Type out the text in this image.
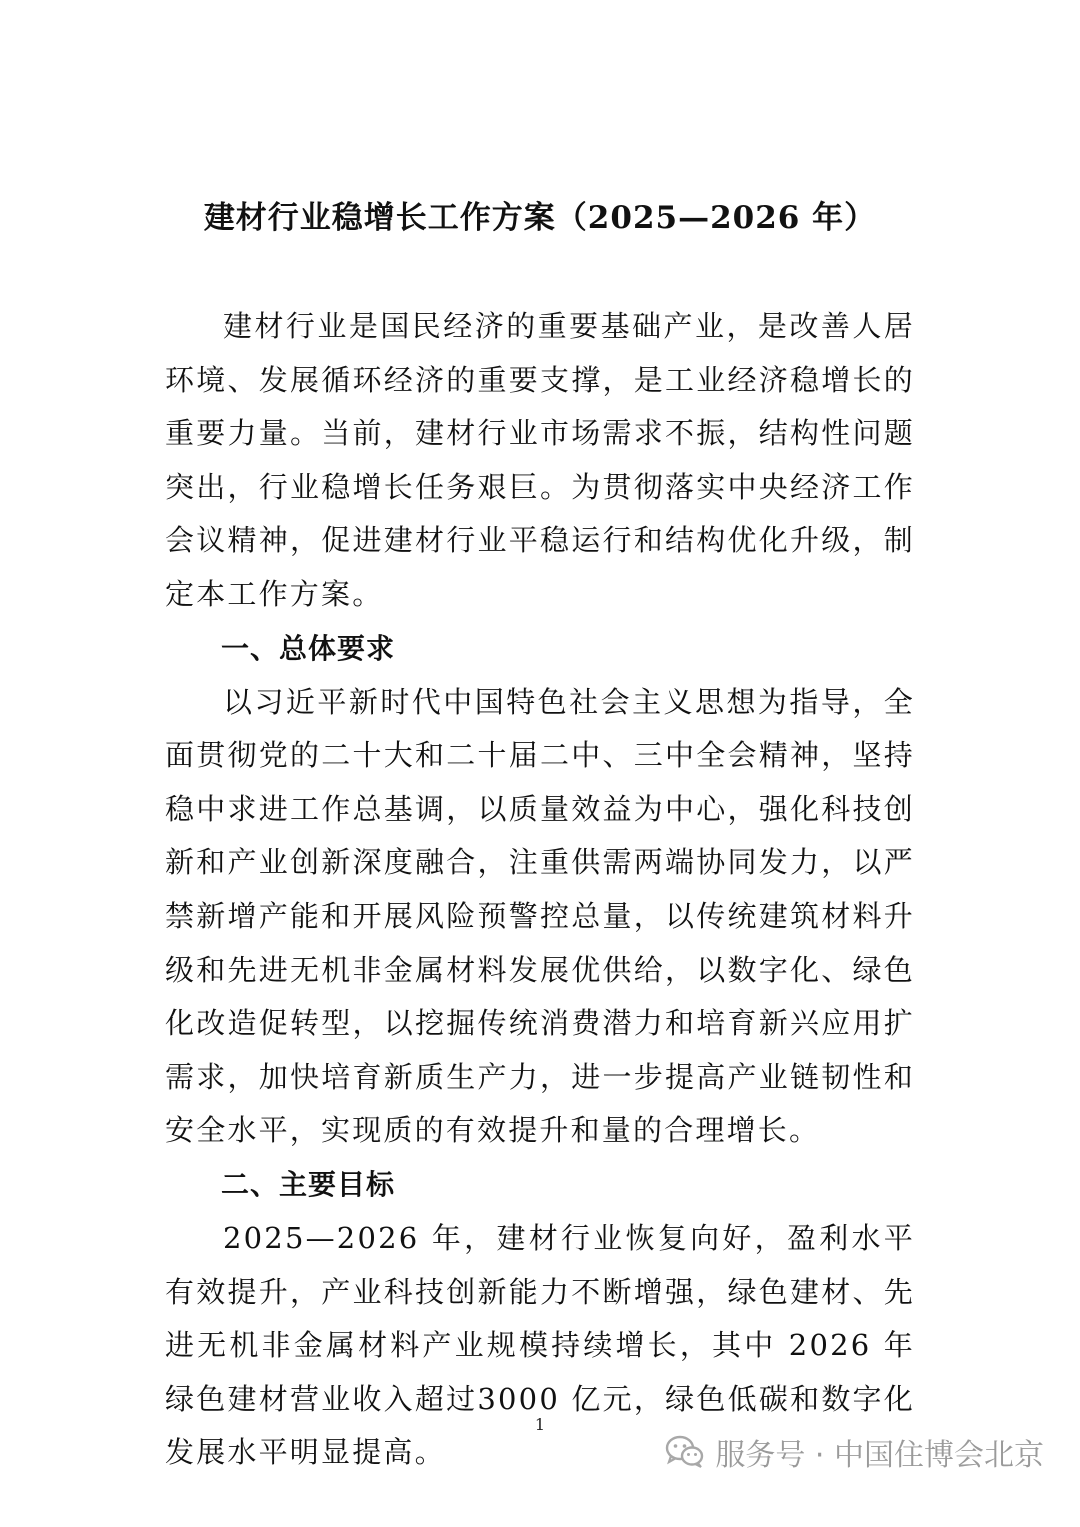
建材行业稳增长工作方案（2025—2026 年）

建材行业是国民经济的重要基础产业，是改善人居环境、发展循环经济的重要支撑，是工业经济稳增长的重要力量。当前，建材行业市场需求不振，结构性问题突出，行业稳增长任务艰巨。为贯彻落实中央经济工作会议精神，促进建材行业平稳运行和结构优化升级，制定本工作方案。

一、总体要求

以习近平新时代中国特色社会主义思想为指导，全面贯彻党的二十大和二十届二中、三中全会精神，坚持稳中求进工作总基调，以质量效益为中心，强化科技创新和产业创新深度融合，注重供需两端协同发力，以严禁新增产能和开展风险预警控总量，以传统建筑材料升级和先进无机非金属材料发展优供给，以数字化、绿色化改造促转型，以挖掘传统消费潜力和培育新兴应用扩需求，加快培育新质生产力，进一步提高产业链韧性和安全水平，实现质的有效提升和量的合理增长。

二、主要目标

2025—2026 年，建材行业恢复向好，盈利水平有效提升，产业科技创新能力不断增强，绿色建材、先进无机非金属材料产业规模持续增长，其中 2026 年绿色建材营业收入超过3000 亿元，绿色低碳和数字化发展水平明显提高。

1
服务号 · 中国住博会北京
